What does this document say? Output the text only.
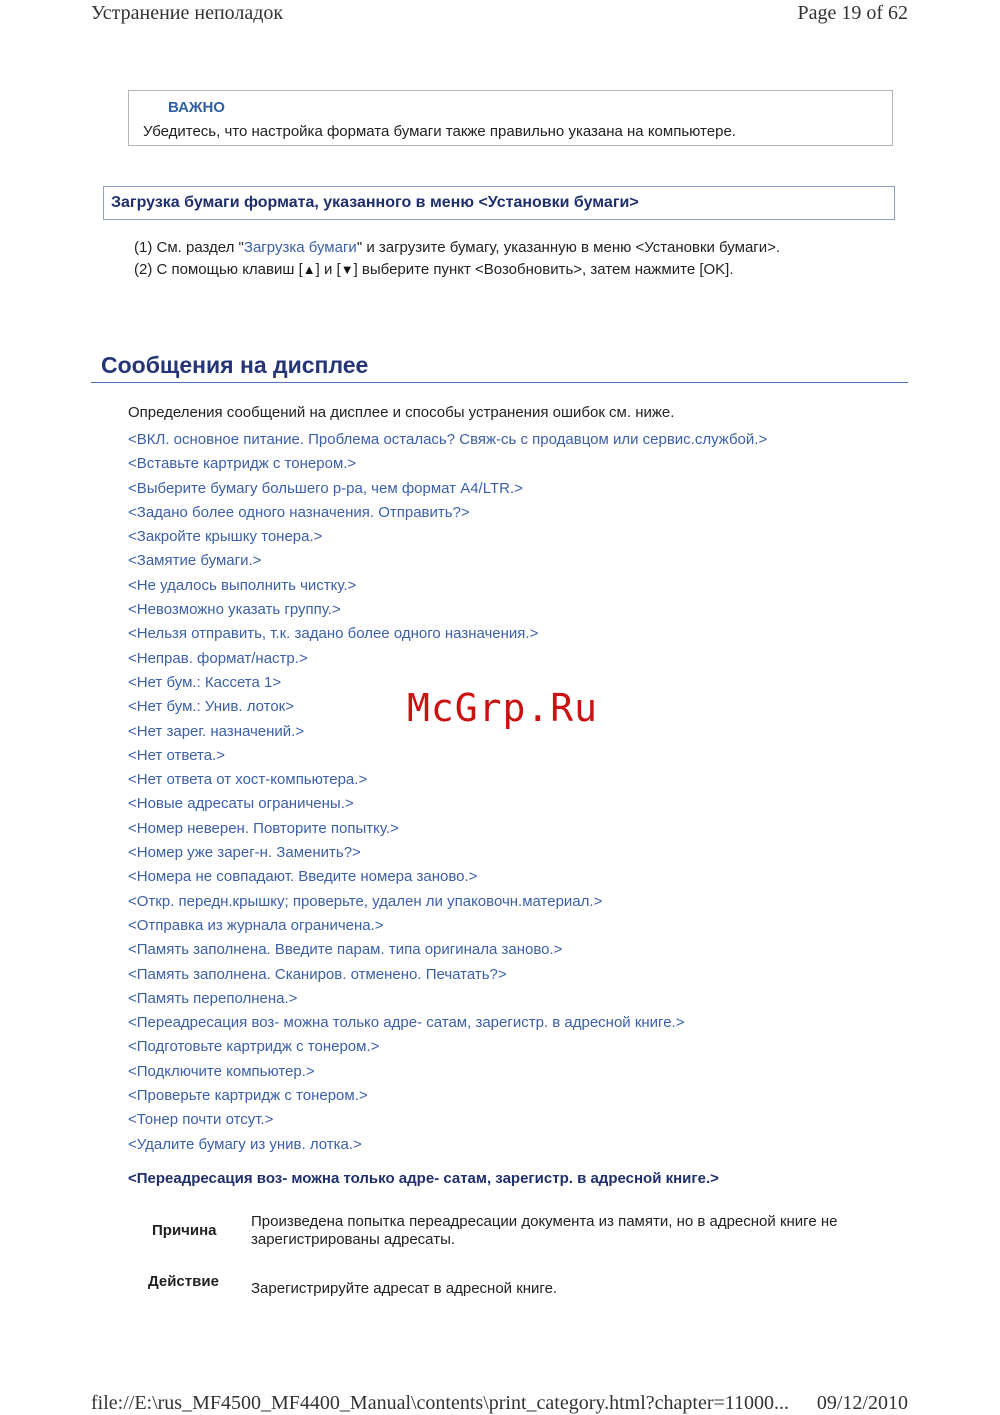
Устранение неполадок	Page 19 of 62
ВАЖНО
Убедитесь, что настройка формата бумаги также правильно указана на компьютере.
Загрузка бумаги формата, указанного в меню <Установки бумаги>
(1) См. раздел "Загрузка бумаги" и загрузите бумагу, указанную в меню <Установки бумаги>.
(2) С помощью клавиш [▲] и [▼] выберите пункт <Возобновить>, затем нажмите [OK].
Сообщения на дисплее
Определения сообщений на дисплее и способы устранения ошибок см. ниже.
<ВКЛ. основное питание. Проблема осталась? Свяж-сь с продавцом или сервис.службой.>
<Вставьте картридж с тонером.>
<Выберите бумагу большего р-ра, чем формат A4/LTR.>
<Задано более одного назначения. Отправить?>
<Закройте крышку тонера.>
<Замятие бумаги.>
<Не удалось выполнить чистку.>
<Невозможно указать группу.>
<Нельзя отправить, т.к. задано более одного назначения.>
<Неправ. формат/настр.>
<Нет бум.: Кассета 1>
<Нет бум.: Унив. лоток>
<Нет зарег. назначений.>
<Нет ответа.>
<Нет ответа от хост-компьютера.>
<Новые адресаты ограничены.>
<Номер неверен. Повторите попытку.>
<Номер уже зарег-н. Заменить?>
<Номера не совпадают. Введите номера заново.>
<Откр. передн.крышку; проверьте, удален ли упаковочн.материал.>
<Отправка из журнала ограничена.>
<Память заполнена. Введите парам. типа оригинала заново.>
<Память заполнена. Сканиров. отменено. Печатать?>
<Память переполнена.>
<Переадресация воз- можна только адре- сатам, зарегистр. в адресной книге.>
<Подготовьте картридж с тонером.>
<Подключите компьютер.>
<Проверьте картридж с тонером.>
<Тонер почти отсут.>
<Удалите бумагу из унив. лотка.>
<Переадресация воз- можна только адре- сатам, зарегистр. в адресной книге.>
Причина
Произведена попытка переадресации документа из памяти, но в адресной книге не зарегистрированы адресаты.
Действие Зарегистрируйте адресат в адресной книге.
McGrp.Ru
file://E:\rus_MF4500_MF4400_Manual\contents\print_category.html?chapter=11000... 09/12/2010
